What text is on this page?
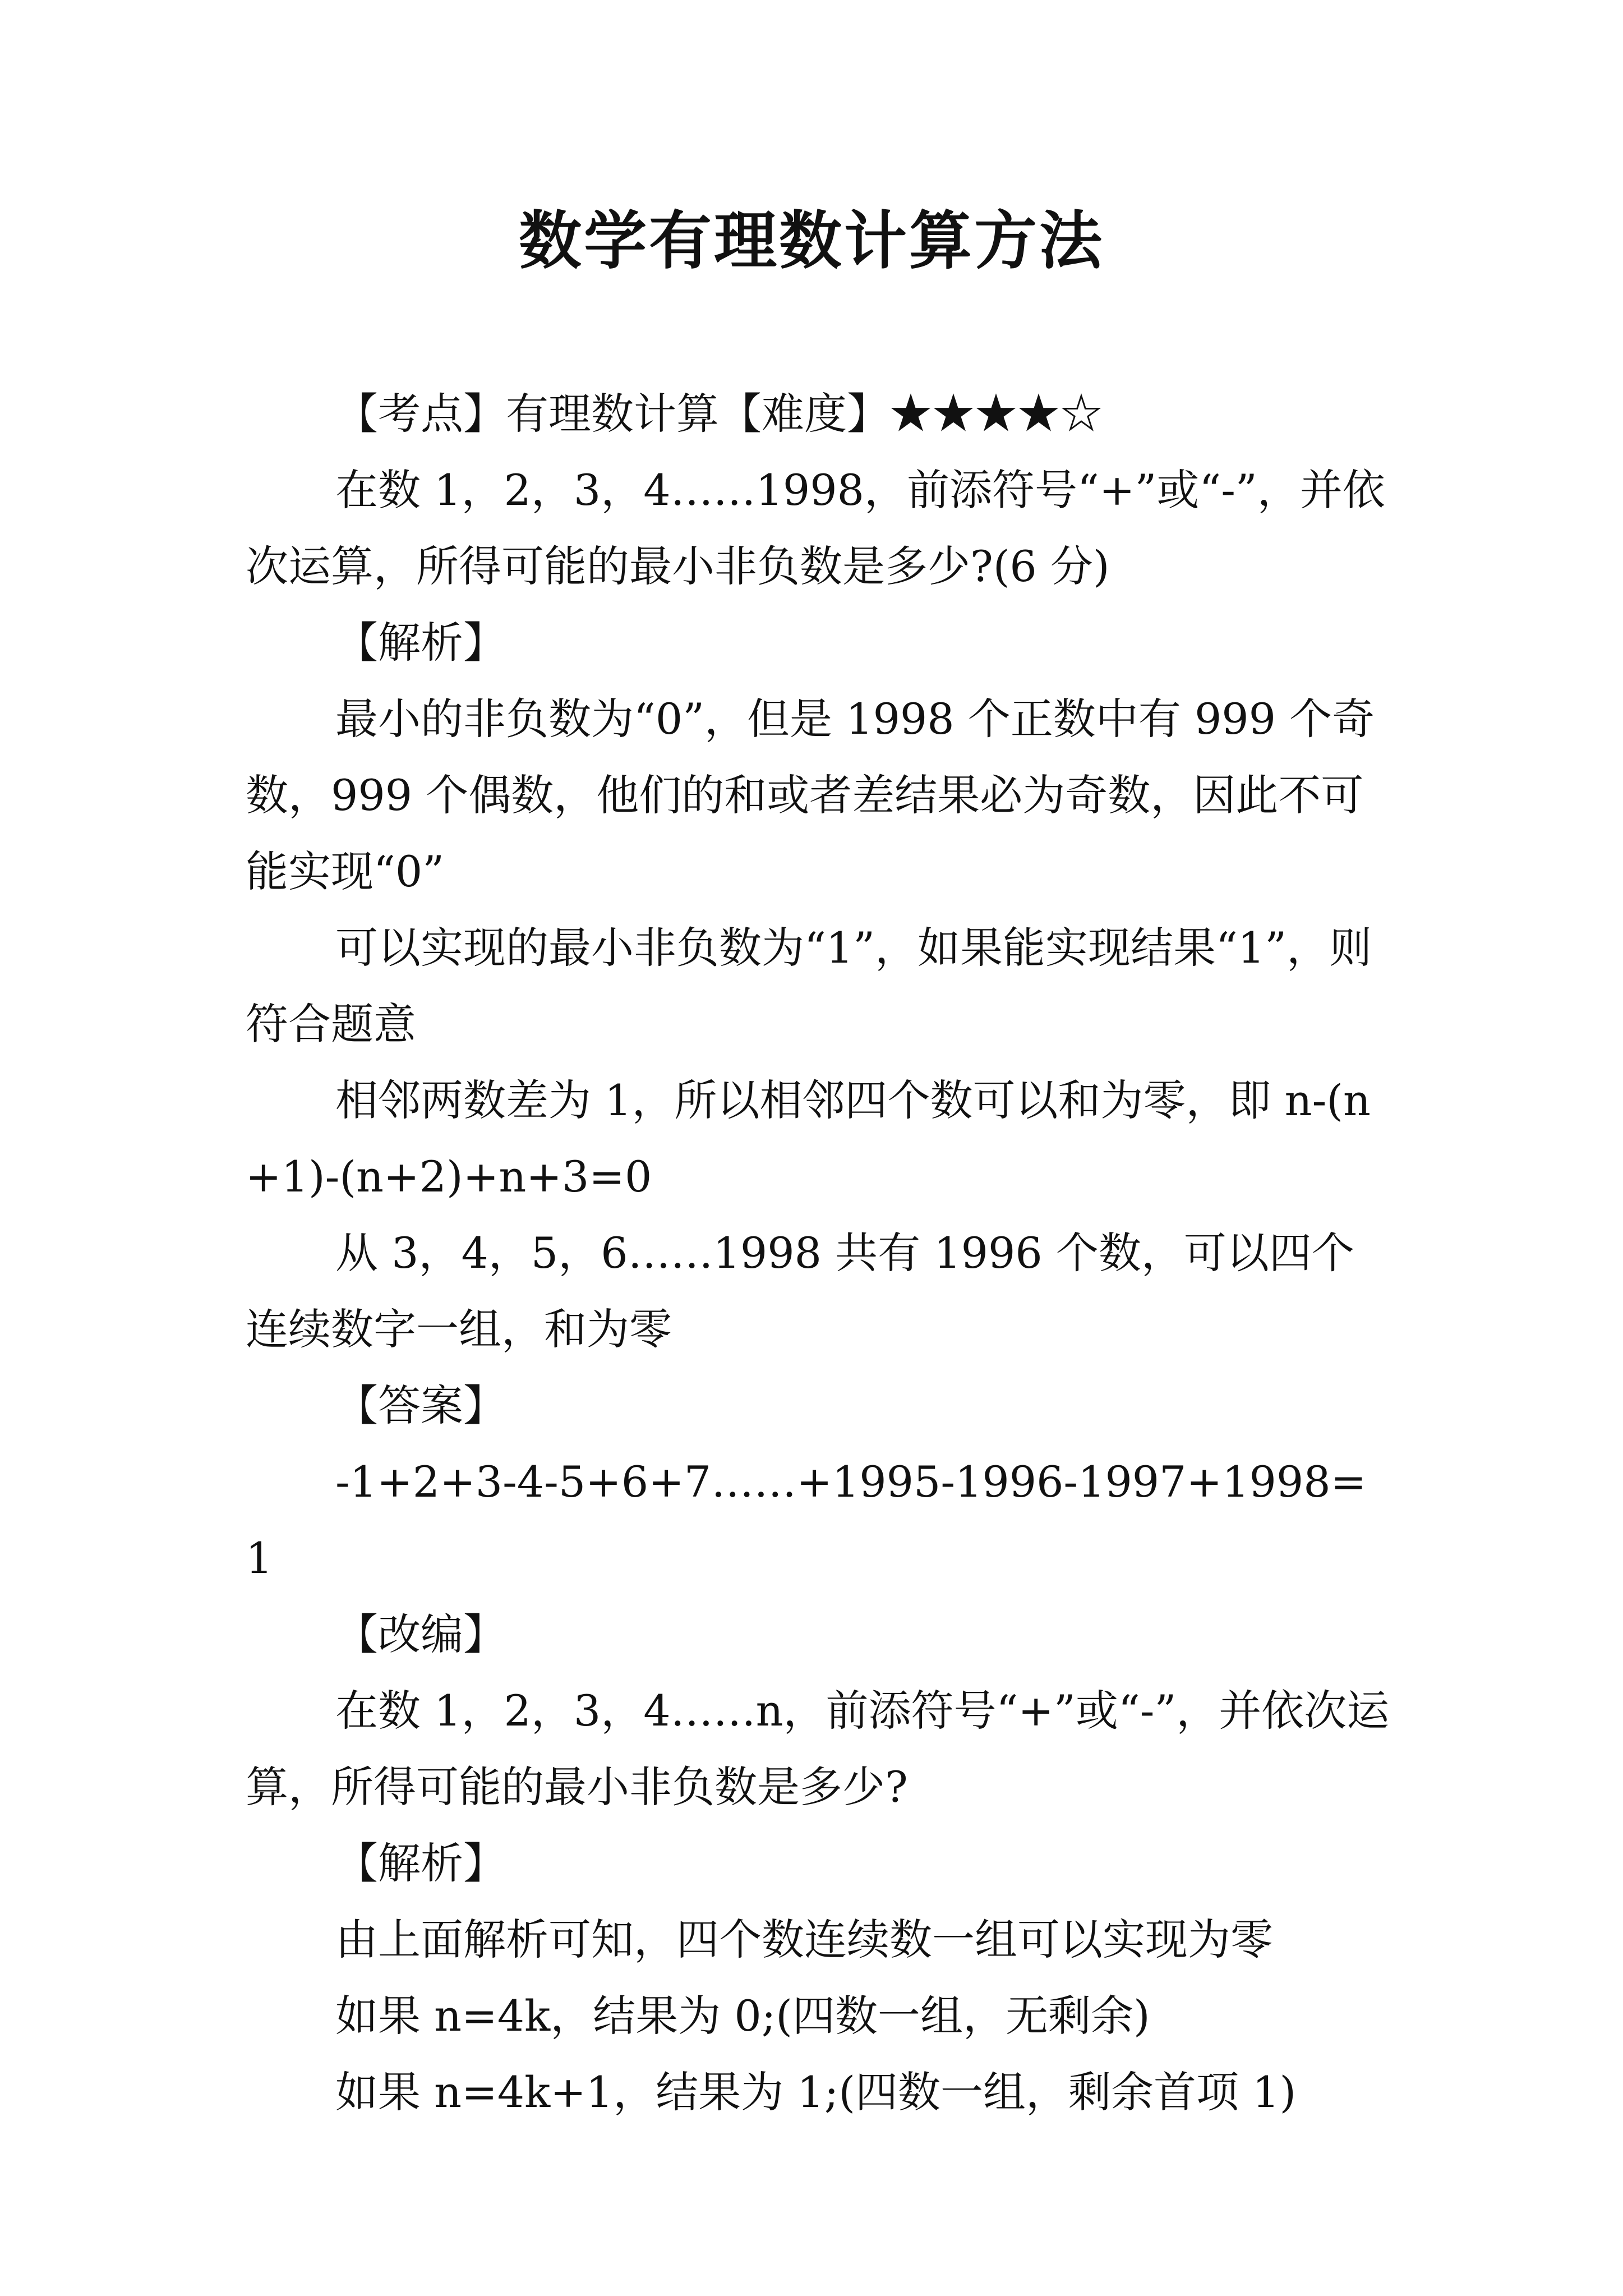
数学有理数计算方法

【考点】有理数计算【难度】★★★★☆

在数 1，2，3，4……1998，前添符号“+”或“-”，并依次运算，所得可能的最小非负数是多少?(6 分)

【解析】

最小的非负数为“0”，但是 1998 个正数中有 999 个奇数，999 个偶数，他们的和或者差结果必为奇数，因此不可能实现“0”

可以实现的最小非负数为“1”，如果能实现结果“1”，则符合题意

相邻两数差为 1，所以相邻四个数可以和为零，即 n-(n+1)-(n+2)+n+3=0

从 3，4，5，6……1998 共有 1996 个数，可以四个连续数字一组，和为零

【答案】

-1+2+3-4-5+6+7……+1995-1996-1997+1998=1

【改编】

在数 1，2，3，4……n，前添符号“+”或“-”，并依次运算，所得可能的最小非负数是多少?

【解析】

由上面解析可知，四个数连续数一组可以实现为零

如果 n=4k，结果为 0;(四数一组，无剩余)

如果 n=4k+1，结果为 1;(四数一组，剩余首项 1)
